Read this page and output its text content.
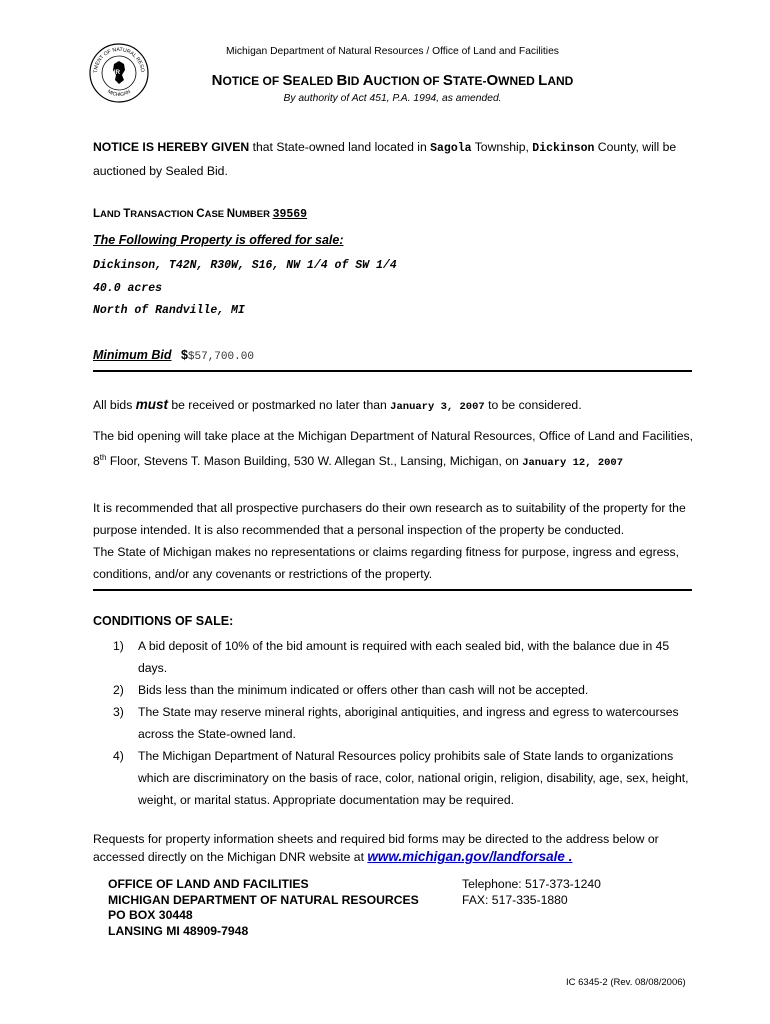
TMENT OF NATURAL RESO
MICHIGAN
DNR
Michigan Department of Natural Resources / Office of Land and Facilities
NOTICE OF SEALED BID AUCTION OF STATE-OWNED LAND
By authority of Act 451, P.A. 1994, as amended.
NOTICE IS HEREBY GIVEN that State-owned land located in Sagola Township, Dickinson County, will be auctioned by Sealed Bid.
LAND TRANSACTION CASE NUMBER 39569
The Following Property is offered for sale:
Dickinson, T42N, R30W, S16, NW 1/4 of SW 1/4
40.0 acres
North of Randville, MI
Minimum Bid $$57,700.00
All bids must be received or postmarked no later than January 3, 2007 to be considered.
The bid opening will take place at the Michigan Department of Natural Resources, Office of Land and Facilities, 8th Floor, Stevens T. Mason Building, 530 W. Allegan St., Lansing, Michigan, on January 12, 2007
It is recommended that all prospective purchasers do their own research as to suitability of the property for the purpose intended. It is also recommended that a personal inspection of the property be conducted.
The State of Michigan makes no representations or claims regarding fitness for purpose, ingress and egress, conditions, and/or any covenants or restrictions of the property.
CONDITIONS OF SALE:
1) A bid deposit of 10% of the bid amount is required with each sealed bid, with the balance due in 45 days.
2) Bids less than the minimum indicated or offers other than cash will not be accepted.
3) The State may reserve mineral rights, aboriginal antiquities, and ingress and egress to watercourses across the State-owned land.
4) The Michigan Department of Natural Resources policy prohibits sale of State lands to organizations which are discriminatory on the basis of race, color, national origin, religion, disability, age, sex, height, weight, or marital status. Appropriate documentation may be required.
Requests for property information sheets and required bid forms may be directed to the address below or accessed directly on the Michigan DNR website at www.michigan.gov/landforsale .
OFFICE OF LAND AND FACILITIES
MICHIGAN DEPARTMENT OF NATURAL RESOURCES
PO BOX 30448
LANSING MI 48909-7948
Telephone: 517-373-1240
FAX: 517-335-1880
IC 6345-2 (Rev. 08/08/2006)
